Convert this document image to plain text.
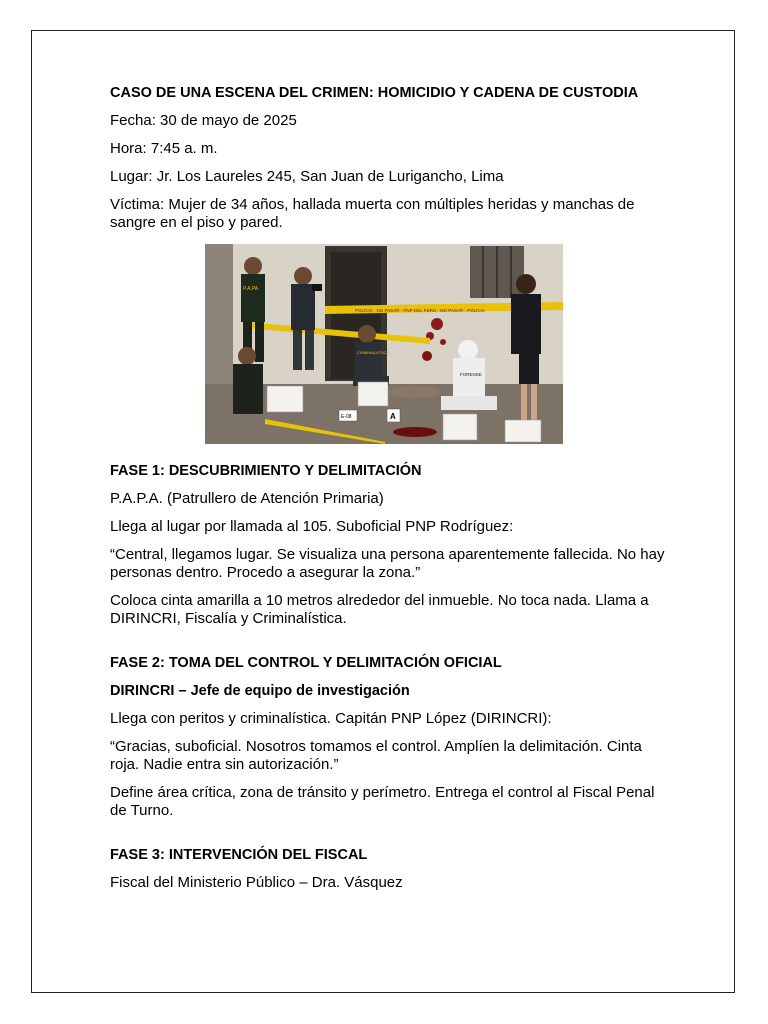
CASO DE UNA ESCENA DEL CRIMEN: HOMICIDIO Y CADENA DE CUSTODIA

Fecha: 30 de mayo de 2025

Hora: 7:45 a. m.

Lugar: Jr. Los Laureles 245, San Juan de Lurigancho, Lima

Víctima: Mujer de 34 años, hallada muerta con múltiples heridas y manchas de sangre en el piso y pared.

POLICIA · NO PASAR · PNP DEL PERU · NO PASAR · POLICIA
P.A.PA
CRIMINALISTICA
FORENSE
E-08	A

FASE 1: DESCUBRIMIENTO Y DELIMITACIÓN

P.A.P.A. (Patrullero de Atención Primaria)

Llega al lugar por llamada al 105. Suboficial PNP Rodríguez:

“Central, llegamos lugar. Se visualiza una persona aparentemente fallecida. No hay personas dentro. Procedo a asegurar la zona.”

Coloca cinta amarilla a 10 metros alrededor del inmueble. No toca nada. Llama a DIRINCRI, Fiscalía y Criminalística.

FASE 2: TOMA DEL CONTROL Y DELIMITACIÓN OFICIAL

DIRINCRI – Jefe de equipo de investigación

Llega con peritos y criminalística. Capitán PNP López (DIRINCRI):

“Gracias, suboficial. Nosotros tomamos el control. Amplíen la delimitación. Cinta roja. Nadie entra sin autorización.”

Define área crítica, zona de tránsito y perímetro. Entrega el control al Fiscal Penal de Turno.

FASE 3: INTERVENCIÓN DEL FISCAL

Fiscal del Ministerio Público – Dra. Vásquez
